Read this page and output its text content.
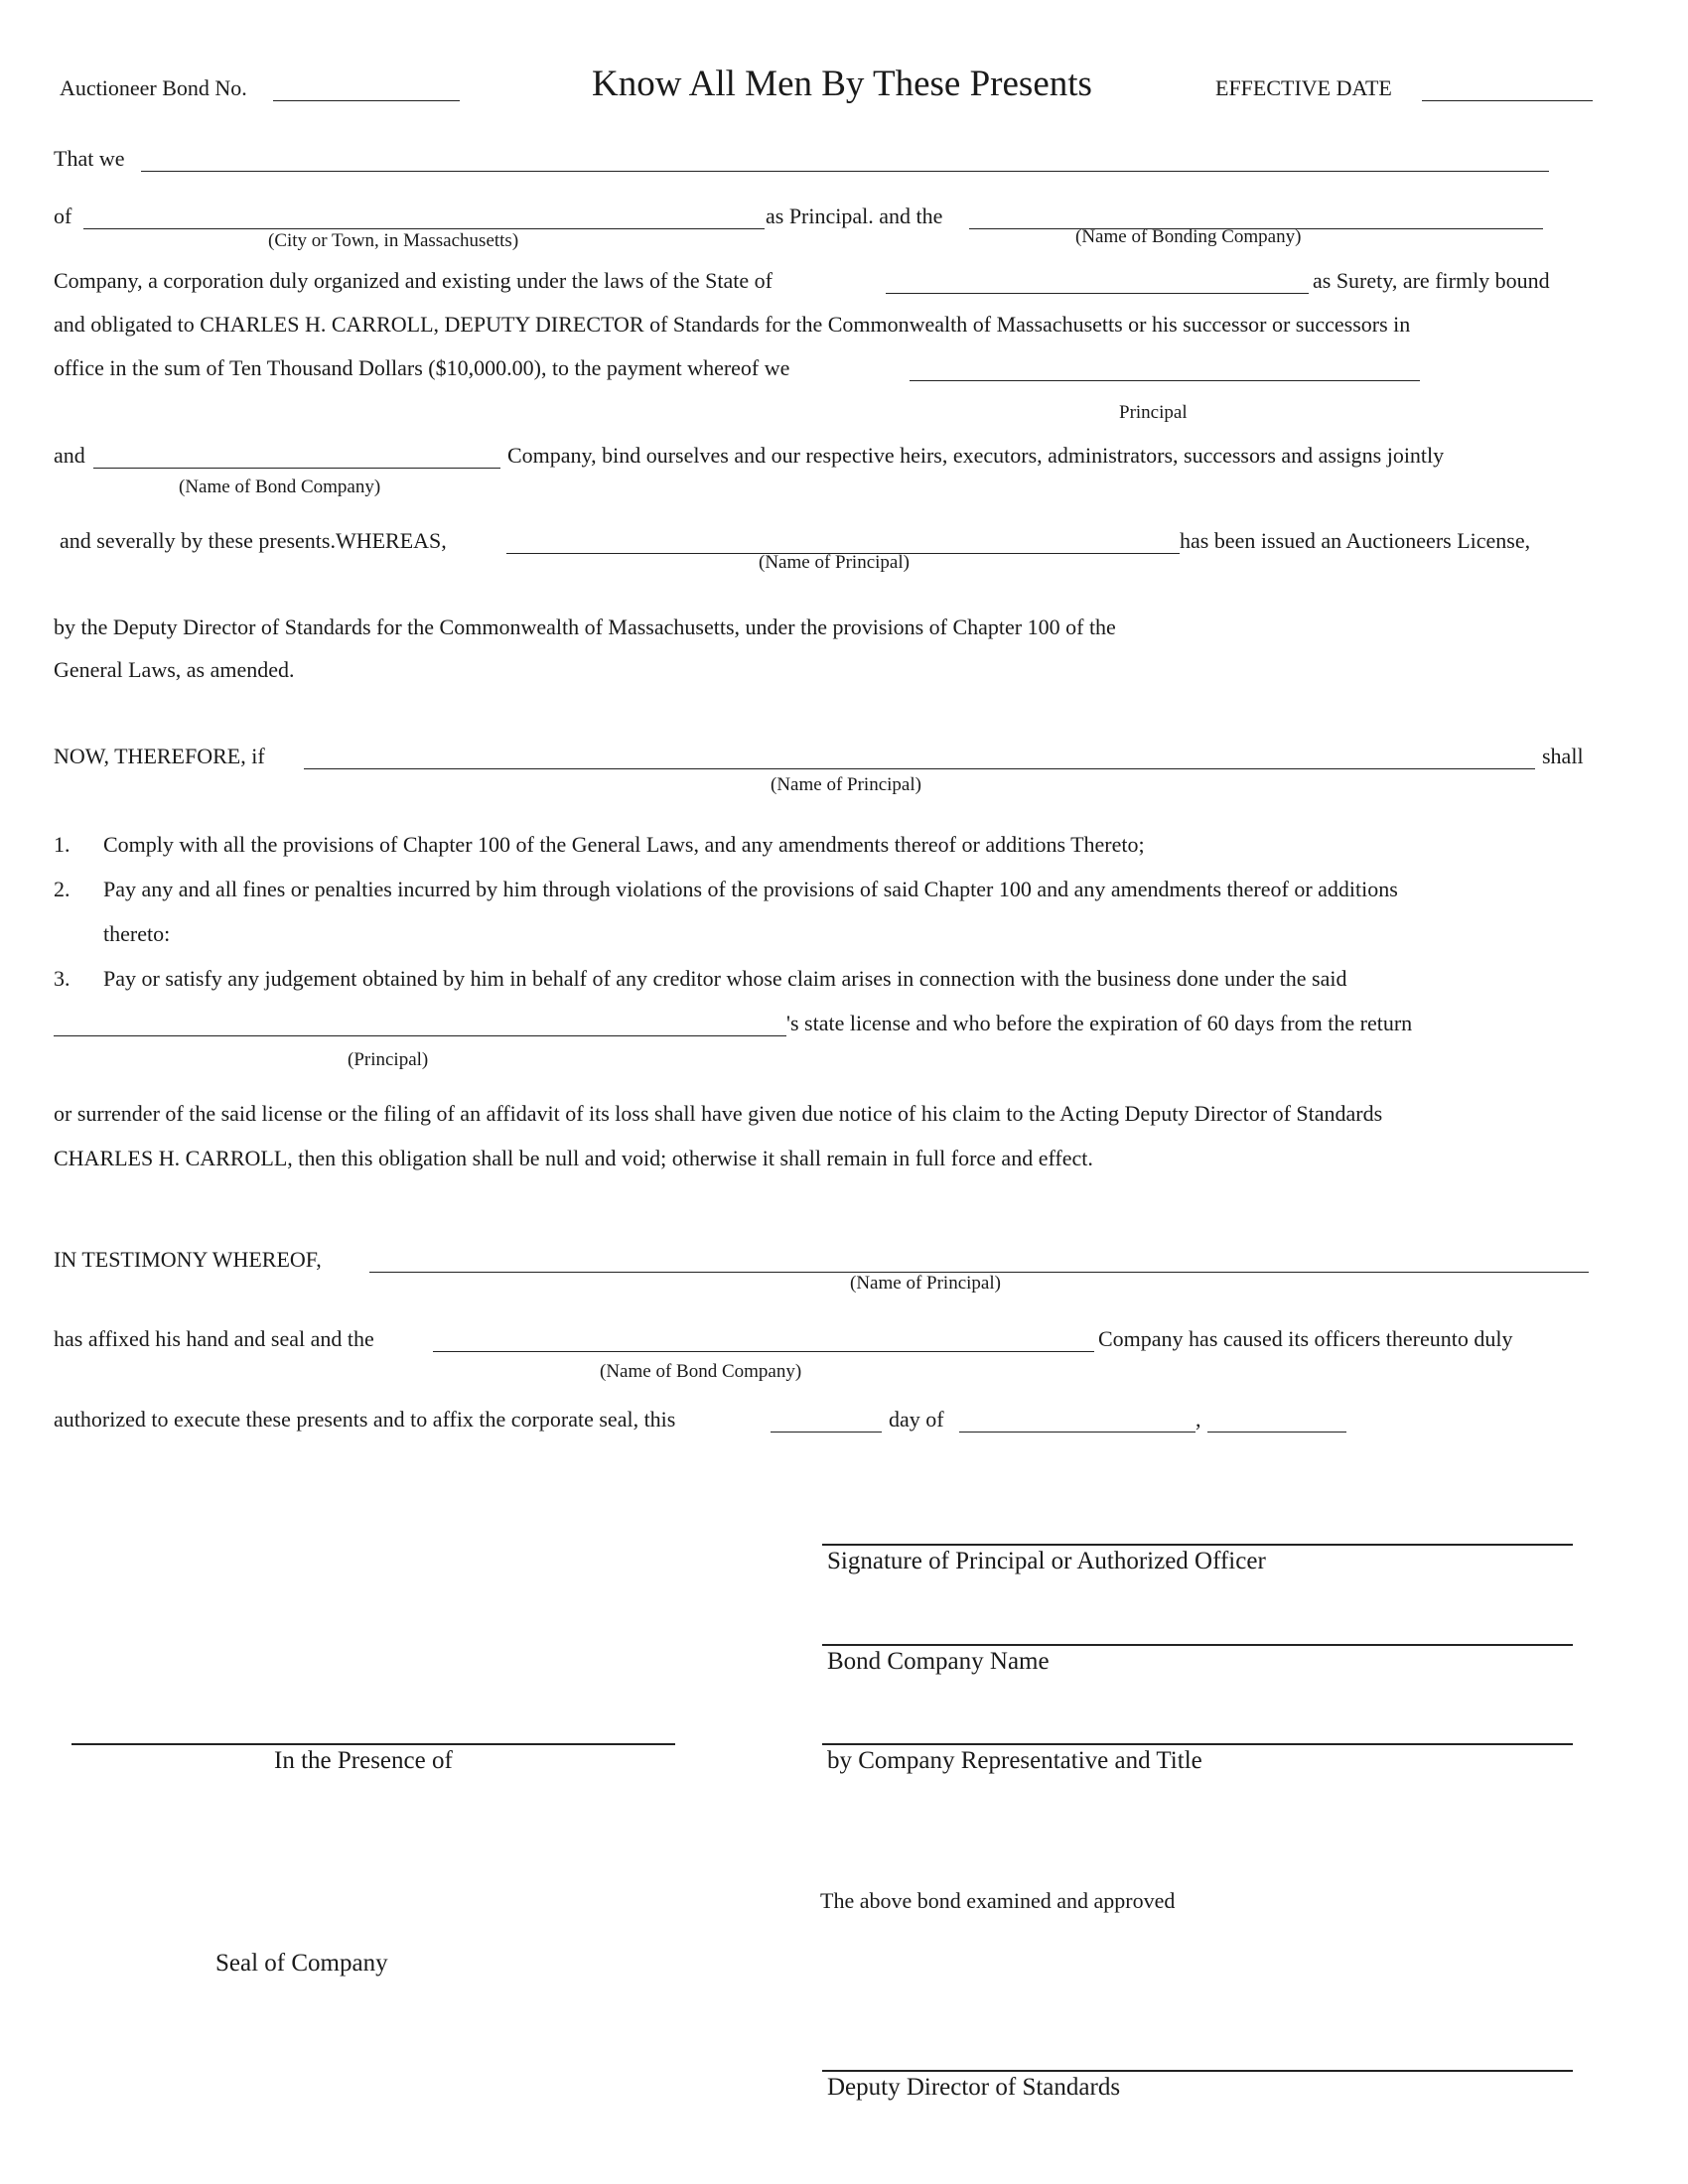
Auctioneer Bond No.	Know All Men By These Presents	EFFECTIVE DATE
That we
of	as Principal. and the
(City or Town, in Massachusetts)	(Name of Bonding Company)
Company, a corporation duly organized and existing under the laws of the State of	as Surety, are firmly bound
and obligated to CHARLES H. CARROLL, DEPUTY DIRECTOR of Standards for the Commonwealth of Massachusetts or his successor or successors in
office in the sum of Ten Thousand Dollars ($10,000.00), to the payment whereof we
Principal
and	Company, bind ourselves and our respective heirs, executors, administrators, successors and assigns jointly
(Name of Bond Company)
and severally by these presents.WHEREAS,	has been issued an Auctioneers License,
(Name of Principal)
by the Deputy Director of Standards for the Commonwealth of Massachusetts, under the provisions of Chapter 100 of the
General Laws, as amended.
NOW, THEREFORE, if	shall
(Name of Principal)
1. Comply with all the provisions of Chapter 100 of the General Laws, and any amendments thereof or additions Thereto;
2. Pay any and all fines or penalties incurred by him through violations of the provisions of said Chapter 100 and any amendments thereof or additions
thereto:
3. Pay or satisfy any judgement obtained by him in behalf of any creditor whose claim arises in connection with the business done under the said
's state license and who before the expiration of 60 days from the return
(Principal)
or surrender of the said license or the filing of an affidavit of its loss shall have given due notice of his claim to the Acting Deputy Director of Standards
CHARLES H. CARROLL, then this obligation shall be null and void; otherwise it shall remain in full force and effect.
IN TESTIMONY WHEREOF,
(Name of Principal)
has affixed his hand and seal and the	Company has caused its officers thereunto duly
(Name of Bond Company)
authorized to execute these presents and to affix the corporate seal, this	day of	,
Signature of Principal or Authorized Officer
Bond Company Name
In the Presence of	by Company Representative and Title
The above bond examined and approved
Seal of Company
Deputy Director of Standards
